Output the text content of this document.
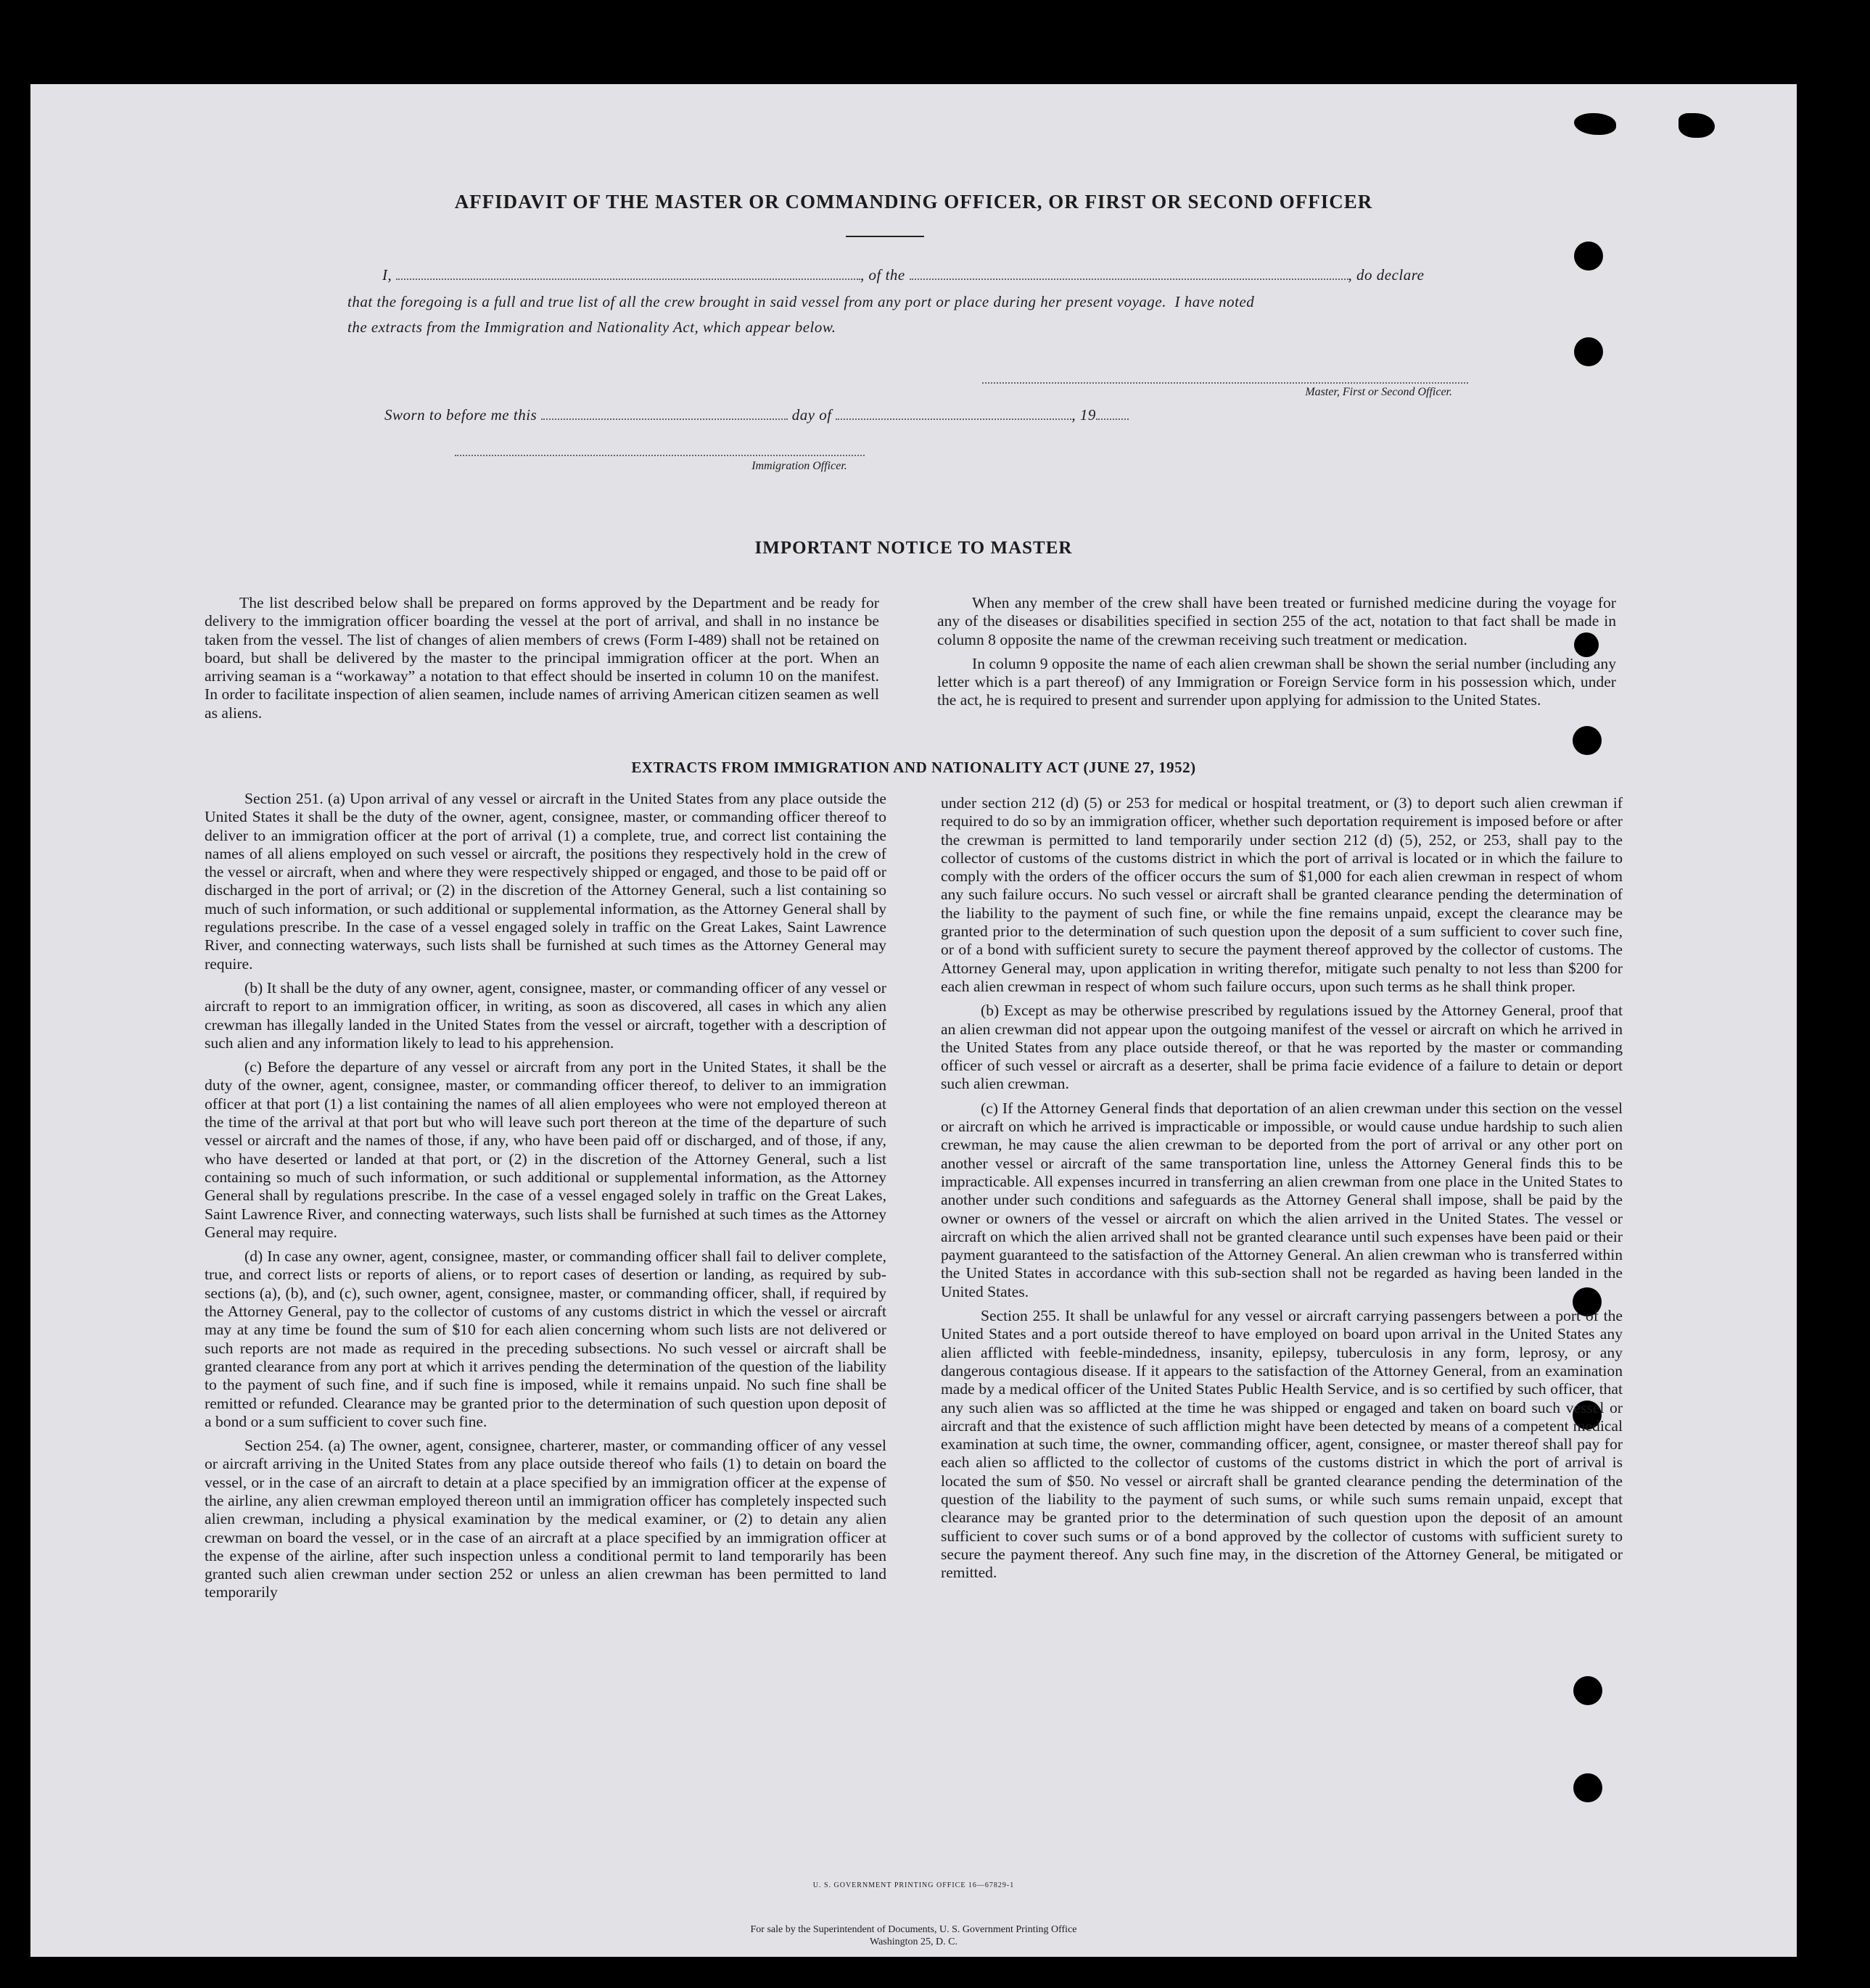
AFFIDAVIT OF THE MASTER OR COMMANDING OFFICER, OR FIRST OR SECOND OFFICER
I,	, of the	, do declare
that the foregoing is a full and true list of all the crew brought in said vessel from any port or place during her present voyage. I have noted
the extracts from the Immigration and Nationality Act, which appear below.
Master, First or Second Officer.
Sworn to before me this	day of	, 19
Immigration Officer.
IMPORTANT NOTICE TO MASTER

The list described below shall be prepared on forms approved by the Department and be ready for delivery to the immigration officer boarding the vessel at the port of arrival, and shall in no instance be taken from the vessel. The list of changes of alien members of crews (Form I-489) shall not be retained on board, but shall be delivered by the master to the principal immigration officer at the port. When an arriving seaman is a “workaway” a notation to that effect should be inserted in column 10 on the manifest. In order to facilitate inspection of alien seamen, include names of arriving American citizen seamen as well as aliens.

When any member of the crew shall have been treated or furnished medicine during the voyage for any of the diseases or disabilities specified in section 255 of the act, notation to that fact shall be made in column 8 opposite the name of the crewman receiving such treatment or medication.

In column 9 opposite the name of each alien crewman shall be shown the serial number (including any letter which is a part thereof) of any Immigration or Foreign Service form in his possession which, under the act, he is required to present and surrender upon applying for admission to the United States.

EXTRACTS FROM IMMIGRATION AND NATIONALITY ACT (JUNE 27, 1952)

Section 251. (a) Upon arrival of any vessel or aircraft in the United States from any place outside the United States it shall be the duty of the owner, agent, consignee, master, or commanding officer thereof to deliver to an immigration officer at the port of arrival (1) a complete, true, and correct list containing the names of all aliens employed on such vessel or aircraft, the positions they respectively hold in the crew of the vessel or aircraft, when and where they were respectively shipped or engaged, and those to be paid off or discharged in the port of arrival; or (2) in the discretion of the Attorney General, such a list containing so much of such information, or such additional or supplemental information, as the Attorney General shall by regulations prescribe. In the case of a vessel engaged solely in traffic on the Great Lakes, Saint Lawrence River, and connecting waterways, such lists shall be furnished at such times as the Attorney General may require.

(b) It shall be the duty of any owner, agent, consignee, master, or commanding officer of any vessel or aircraft to report to an immigration officer, in writing, as soon as discovered, all cases in which any alien crewman has illegally landed in the United States from the vessel or aircraft, together with a description of such alien and any information likely to lead to his apprehension.

(c) Before the departure of any vessel or aircraft from any port in the United States, it shall be the duty of the owner, agent, consignee, master, or commanding officer thereof, to deliver to an immigration officer at that port (1) a list containing the names of all alien employees who were not employed thereon at the time of the arrival at that port but who will leave such port thereon at the time of the departure of such vessel or aircraft and the names of those, if any, who have been paid off or discharged, and of those, if any, who have deserted or landed at that port, or (2) in the discretion of the Attorney General, such a list containing so much of such information, or such additional or supplemental information, as the Attorney General shall by regulations prescribe. In the case of a vessel engaged solely in traffic on the Great Lakes, Saint Lawrence River, and connecting waterways, such lists shall be furnished at such times as the Attorney General may require.

(d) In case any owner, agent, consignee, master, or commanding officer shall fail to deliver complete, true, and correct lists or reports of aliens, or to report cases of desertion or landing, as required by sub-sections (a), (b), and (c), such owner, agent, consignee, master, or commanding officer, shall, if required by the Attorney General, pay to the collector of customs of any customs district in which the vessel or aircraft may at any time be found the sum of $10 for each alien concerning whom such lists are not delivered or such reports are not made as required in the preceding subsections. No such vessel or aircraft shall be granted clearance from any port at which it arrives pending the determination of the question of the liability to the payment of such fine, and if such fine is imposed, while it remains unpaid. No such fine shall be remitted or refunded. Clearance may be granted prior to the determination of such question upon deposit of a bond or a sum sufficient to cover such fine.

Section 254. (a) The owner, agent, consignee, charterer, master, or commanding officer of any vessel or aircraft arriving in the United States from any place outside thereof who fails (1) to detain on board the vessel, or in the case of an aircraft to detain at a place specified by an immigration officer at the expense of the airline, any alien crewman employed thereon until an immigration officer has completely inspected such alien crewman, including a physical examination by the medical examiner, or (2) to detain any alien crewman on board the vessel, or in the case of an aircraft at a place specified by an immigration officer at the expense of the airline, after such inspection unless a conditional permit to land temporarily has been granted such alien crewman under section 252 or unless an alien crewman has been permitted to land temporarily

under section 212 (d) (5) or 253 for medical or hospital treatment, or (3) to deport such alien crewman if required to do so by an immigration officer, whether such deportation requirement is imposed before or after the crewman is permitted to land temporarily under section 212 (d) (5), 252, or 253, shall pay to the collector of customs of the customs district in which the port of arrival is located or in which the failure to comply with the orders of the officer occurs the sum of $1,000 for each alien crewman in respect of whom any such failure occurs. No such vessel or aircraft shall be granted clearance pending the determination of the liability to the payment of such fine, or while the fine remains unpaid, except the clearance may be granted prior to the determination of such question upon the deposit of a sum sufficient to cover such fine, or of a bond with sufficient surety to secure the payment thereof approved by the collector of customs. The Attorney General may, upon application in writing therefor, mitigate such penalty to not less than $200 for each alien crewman in respect of whom such failure occurs, upon such terms as he shall think proper.

(b) Except as may be otherwise prescribed by regulations issued by the Attorney General, proof that an alien crewman did not appear upon the outgoing manifest of the vessel or aircraft on which he arrived in the United States from any place outside thereof, or that he was reported by the master or commanding officer of such vessel or aircraft as a deserter, shall be prima facie evidence of a failure to detain or deport such alien crewman.

(c) If the Attorney General finds that deportation of an alien crewman under this section on the vessel or aircraft on which he arrived is impracticable or impossible, or would cause undue hardship to such alien crewman, he may cause the alien crewman to be deported from the port of arrival or any other port on another vessel or aircraft of the same transportation line, unless the Attorney General finds this to be impracticable. All expenses incurred in transferring an alien crewman from one place in the United States to another under such conditions and safeguards as the Attorney General shall impose, shall be paid by the owner or owners of the vessel or aircraft on which the alien arrived in the United States. The vessel or aircraft on which the alien arrived shall not be granted clearance until such expenses have been paid or their payment guaranteed to the satisfaction of the Attorney General. An alien crewman who is transferred within the United States in accordance with this sub-section shall not be regarded as having been landed in the United States.

Section 255. It shall be unlawful for any vessel or aircraft carrying passengers between a port of the United States and a port outside thereof to have employed on board upon arrival in the United States any alien afflicted with feeble-mindedness, insanity, epilepsy, tuberculosis in any form, leprosy, or any dangerous contagious disease. If it appears to the satisfaction of the Attorney General, from an examination made by a medical officer of the United States Public Health Service, and is so certified by such officer, that any such alien was so afflicted at the time he was shipped or engaged and taken on board such vessel or aircraft and that the existence of such affliction might have been detected by means of a competent medical examination at such time, the owner, commanding officer, agent, consignee, or master thereof shall pay for each alien so afflicted to the collector of customs of the customs district in which the port of arrival is located the sum of $50. No vessel or aircraft shall be granted clearance pending the determination of the question of the liability to the payment of such sums, or while such sums remain unpaid, except that clearance may be granted prior to the determination of such question upon the deposit of an amount sufficient to cover such sums or of a bond approved by the collector of customs with sufficient surety to secure the payment thereof. Any such fine may, in the discretion of the Attorney General, be mitigated or remitted.

U. S. GOVERNMENT PRINTING OFFICE 16—67829-1
For sale by the Superintendent of Documents, U. S. Government Printing Office
Washington 25, D. C.
